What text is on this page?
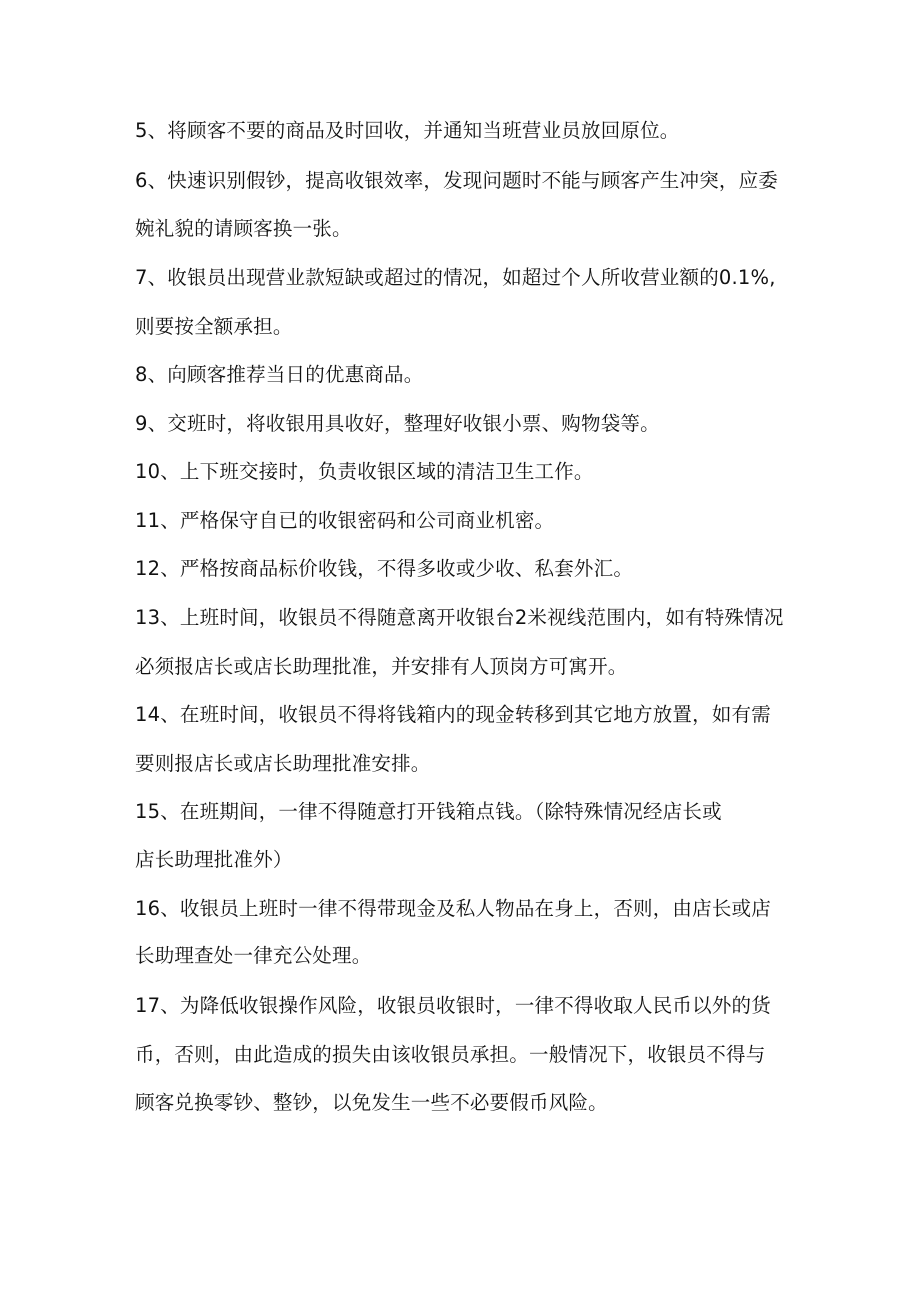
5、将顾客不要的商品及时回收，并通知当班营业员放回原位。

6、快速识别假钞，提高收银效率，发现问题时不能与顾客产生冲突，应委

婉礼貌的请顾客换一张。

7、收银员出现营业款短缺或超过的情况，如超过个人所收营业额的0.1%,

则要按全额承担。

8、向顾客推荐当日的优惠商品。

9、交班时，将收银用具收好，整理好收银小票、购物袋等。

10、上下班交接时，负责收银区域的清洁卫生工作。

11、严格保守自已的收银密码和公司商业机密。

12、严格按商品标价收钱，不得多收或少收、私套外汇。

13、上班时间，收银员不得随意离开收银台2米视线范围内，如有特殊情况

必须报店长或店长助理批准，并安排有人顶岗方可寓开。

14、在班时间，收银员不得将钱箱内的现金转移到其它地方放置，如有需

要则报店长或店长助理批准安排。

15、在班期间，一律不得随意打开钱箱点钱。（除特殊情况经店长或

店长助理批准外）

16、收银员上班时一律不得带现金及私人物品在身上，否则，由店长或店

长助理查处一律充公处理。

17、为降低收银操作风险，收银员收银时，一律不得收取人民币以外的货

币，否则，由此造成的损失由该收银员承担。一般情况下，收银员不得与

顾客兑换零钞、整钞，以免发生一些不必要假币风险。
